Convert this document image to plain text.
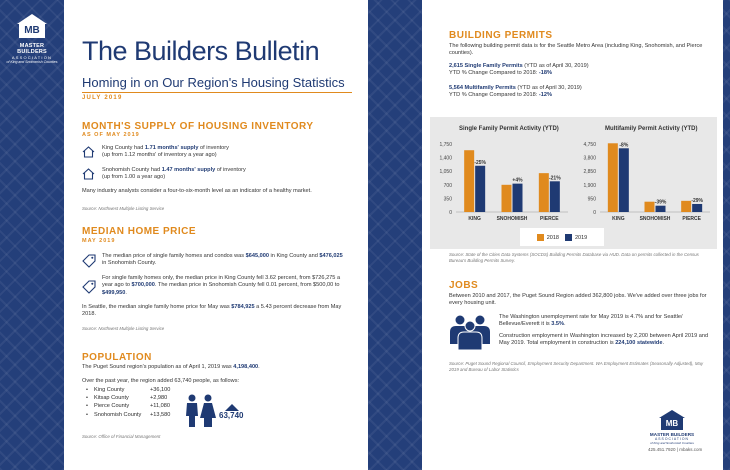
MB
MASTER BUILDERS
ASSOCIATION
of King and Snohomish Counties The Builders Bulletin
Homing in on Our Region's Housing Statistics
JULY 2019
MONTH'S SUPPLY OF HOUSING INVENTORY
AS OF MAY 2019
King County had 1.71 months' supply of inventory
(up from 1.12 months' of inventory a year ago)
Snohomish County had 1.47 months' supply of inventory
(up from 1.00 a year ago)
Many industry analysts consider a four-to-six-month level as an indicator of a healthy market.
Source: Northwest Multiple Listing Service
MEDIAN HOME PRICE
MAY 2019
The median price of single family homes and condos was $645,000 in King County and $476,025 in Snohomish County.
For single family homes only, the median price in King County fell 3.62 percent, from $726,275 a year ago to $700,000. The median price in Snohomish County fell 0.01 percent, from $500,00 to $499,950.
In Seattle, the median single family home price for May was $784,925 a 5.43 percent decrease from May 2018.
Source: Northwest Multiple Listing Service
POPULATION
The Puget Sound region's population as of April 1, 2019 was 4,198,400.
Over the past year, the region added 63,740 people, as follows:
•	King County	+36,100
•	Kitsap County	+2,980
•	Pierce County	+11,080
•	Snohomish County	+13,580	63,740
Source: Office of Financial Management
BUILDING PERMITS
The following building permit data is for the Seattle Metro Area (including King, Snohomish, and Pierce counties).
2,615 Single Family Permits (YTD as of April 30, 2019)
YTD % Change Compared to 2018: -18%
5,564 Multifamily Permits (YTD as of April 30, 2019)
YTD % Change Compared to 2018: -12%
Single Family Permit Activity (YTD)	Multifamily Permit Activity (YTD)
1,750
1,400
1,050
700
350
0
-25%
KING
+4%
SNOHOMISH
-21%
PIERCE
4,750
3,800
2,850
1,900
950
0
-8%
KING
-39%
SNOHOMISH
-29%
PIERCE
2018	2019
Source: State of the Cities Data Systems (SOCDS) Building Permits Database via HUD. Data on permits collected in the Census Bureau's Building Permits Survey.
JOBS
Between 2010 and 2017, the Puget Sound Region added 362,800 jobs. We've added over three jobs for every housing unit.
The Washington unemployment rate for May 2019 is 4.7% and for Seattle/ Bellevue/Everett it is 3.5%.
Construction employment in Washington increased by 2,200 between April 2019 and May 2019. Total employment in construction is 224,100 statewide.
Source: Puget Sound Regional Council, Employment Security Department. WA Employment Estimates (Seasonally Adjusted), May 2019 and Bureau of Labor Statistics
MB
MASTER BUILDERS
ASSOCIATION
of King and Snohomish Counties
425.451.7920 | mbaks.com
